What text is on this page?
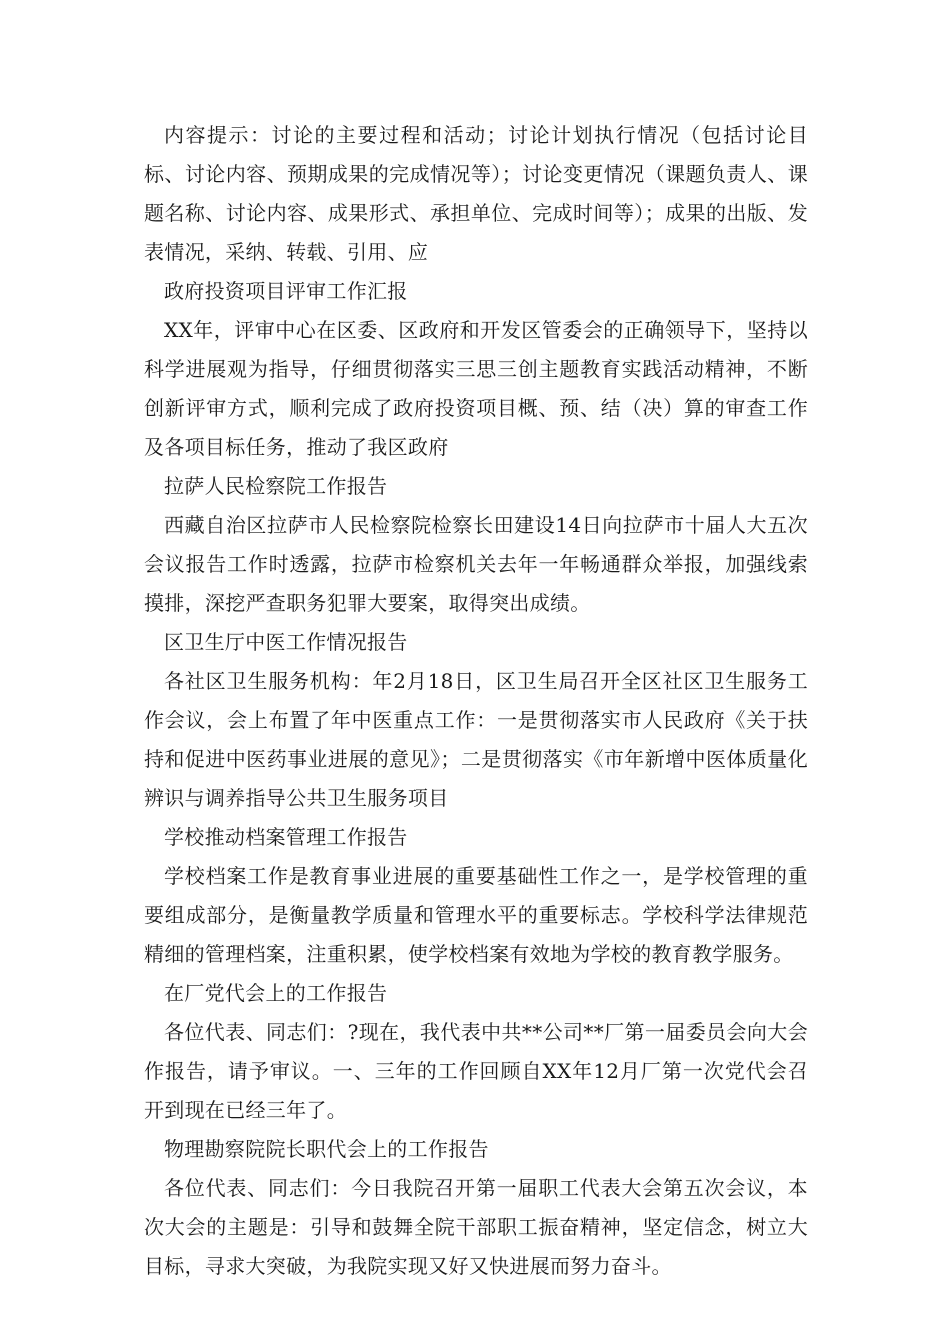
内容提示：讨论的主要过程和活动；讨论计划执行情况（包括讨论目标、讨论内容、预期成果的完成情况等）；讨论变更情况（课题负责人、课题名称、讨论内容、成果形式、承担单位、完成时间等）；成果的出版、发表情况，采纳、转载、引用、应

政府投资项目评审工作汇报

XX年，评审中心在区委、区政府和开发区管委会的正确领导下，坚持以科学进展观为指导，仔细贯彻落实三思三创主题教育实践活动精神，不断创新评审方式，顺利完成了政府投资项目概、预、结（决）算的审查工作及各项目标任务，推动了我区政府

拉萨人民检察院工作报告

西藏自治区拉萨市人民检察院检察长田建设14日向拉萨市十届人大五次会议报告工作时透露，拉萨市检察机关去年一年畅通群众举报，加强线索摸排，深挖严查职务犯罪大要案，取得突出成绩。

区卫生厅中医工作情况报告

各社区卫生服务机构：年2月18日，区卫生局召开全区社区卫生服务工作会议，会上布置了年中医重点工作：一是贯彻落实市人民政府《关于扶持和促进中医药事业进展的意见》；二是贯彻落实《市年新增中医体质量化辨识与调养指导公共卫生服务项目

学校推动档案管理工作报告

学校档案工作是教育事业进展的重要基础性工作之一，是学校管理的重要组成部分，是衡量教学质量和管理水平的重要标志。学校科学法律规范精细的管理档案，注重积累，使学校档案有效地为学校的教育教学服务。

在厂党代会上的工作报告

各位代表、同志们：?现在，我代表中共**公司**厂第一届委员会向大会作报告，请予审议。一、三年的工作回顾自XX年12月厂第一次党代会召开到现在已经三年了。

物理勘察院院长职代会上的工作报告

各位代表、同志们：今日我院召开第一届职工代表大会第五次会议，本次大会的主题是：引导和鼓舞全院干部职工振奋精神，坚定信念，树立大目标，寻求大突破，为我院实现又好又快进展而努力奋斗。
